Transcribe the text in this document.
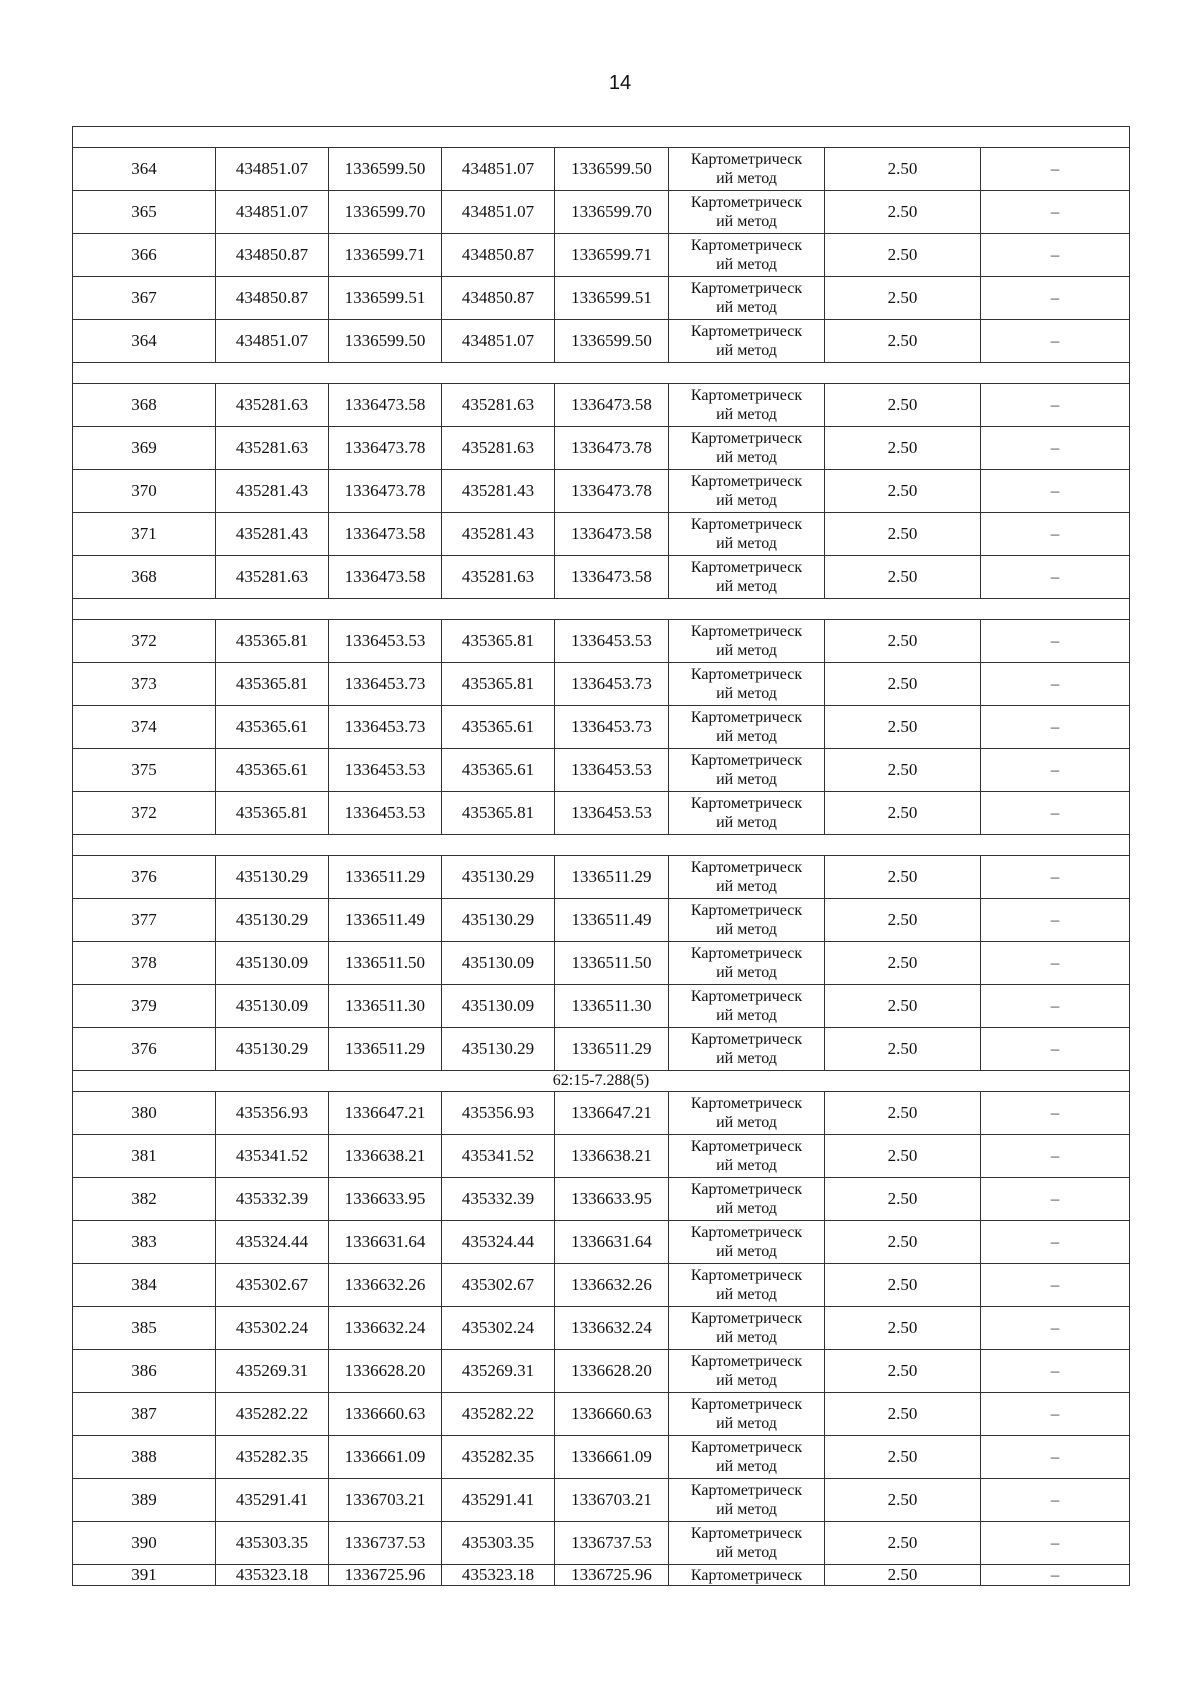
14

364	434851.07	1336599.50	434851.07	1336599.50	Картометрическ
ий метод	2.50	–
365	434851.07	1336599.70	434851.07	1336599.70	Картометрическ
ий метод	2.50	–
366	434850.87	1336599.71	434850.87	1336599.71	Картометрическ
ий метод	2.50	–
367	434850.87	1336599.51	434850.87	1336599.51	Картометрическ
ий метод	2.50	–
364	434851.07	1336599.50	434851.07	1336599.50	Картометрическ
ий метод	2.50	–

368	435281.63	1336473.58	435281.63	1336473.58	Картометрическ
ий метод	2.50	–
369	435281.63	1336473.78	435281.63	1336473.78	Картометрическ
ий метод	2.50	–
370	435281.43	1336473.78	435281.43	1336473.78	Картометрическ
ий метод	2.50	–
371	435281.43	1336473.58	435281.43	1336473.58	Картометрическ
ий метод	2.50	–
368	435281.63	1336473.58	435281.63	1336473.58	Картометрическ
ий метод	2.50	–

372	435365.81	1336453.53	435365.81	1336453.53	Картометрическ
ий метод	2.50	–
373	435365.81	1336453.73	435365.81	1336453.73	Картометрическ
ий метод	2.50	–
374	435365.61	1336453.73	435365.61	1336453.73	Картометрическ
ий метод	2.50	–
375	435365.61	1336453.53	435365.61	1336453.53	Картометрическ
ий метод	2.50	–
372	435365.81	1336453.53	435365.81	1336453.53	Картометрическ
ий метод	2.50	–

376	435130.29	1336511.29	435130.29	1336511.29	Картометрическ
ий метод	2.50	–
377	435130.29	1336511.49	435130.29	1336511.49	Картометрическ
ий метод	2.50	–
378	435130.09	1336511.50	435130.09	1336511.50	Картометрическ
ий метод	2.50	–
379	435130.09	1336511.30	435130.09	1336511.30	Картометрическ
ий метод	2.50	–
376	435130.29	1336511.29	435130.29	1336511.29	Картометрическ
ий метод	2.50	–
62:15-7.288(5)							
380	435356.93	1336647.21	435356.93	1336647.21	Картометрическ
ий метод	2.50	–
381	435341.52	1336638.21	435341.52	1336638.21	Картометрическ
ий метод	2.50	–
382	435332.39	1336633.95	435332.39	1336633.95	Картометрическ
ий метод	2.50	–
383	435324.44	1336631.64	435324.44	1336631.64	Картометрическ
ий метод	2.50	–
384	435302.67	1336632.26	435302.67	1336632.26	Картометрическ
ий метод	2.50	–
385	435302.24	1336632.24	435302.24	1336632.24	Картометрическ
ий метод	2.50	–
386	435269.31	1336628.20	435269.31	1336628.20	Картометрическ
ий метод	2.50	–
387	435282.22	1336660.63	435282.22	1336660.63	Картометрическ
ий метод	2.50	–
388	435282.35	1336661.09	435282.35	1336661.09	Картометрическ
ий метод	2.50	–
389	435291.41	1336703.21	435291.41	1336703.21	Картометрическ
ий метод	2.50	–
390	435303.35	1336737.53	435303.35	1336737.53	Картометрическ
ий метод	2.50	–
391	435323.18	1336725.96	435323.18	1336725.96	Картометрическ	2.50	–
